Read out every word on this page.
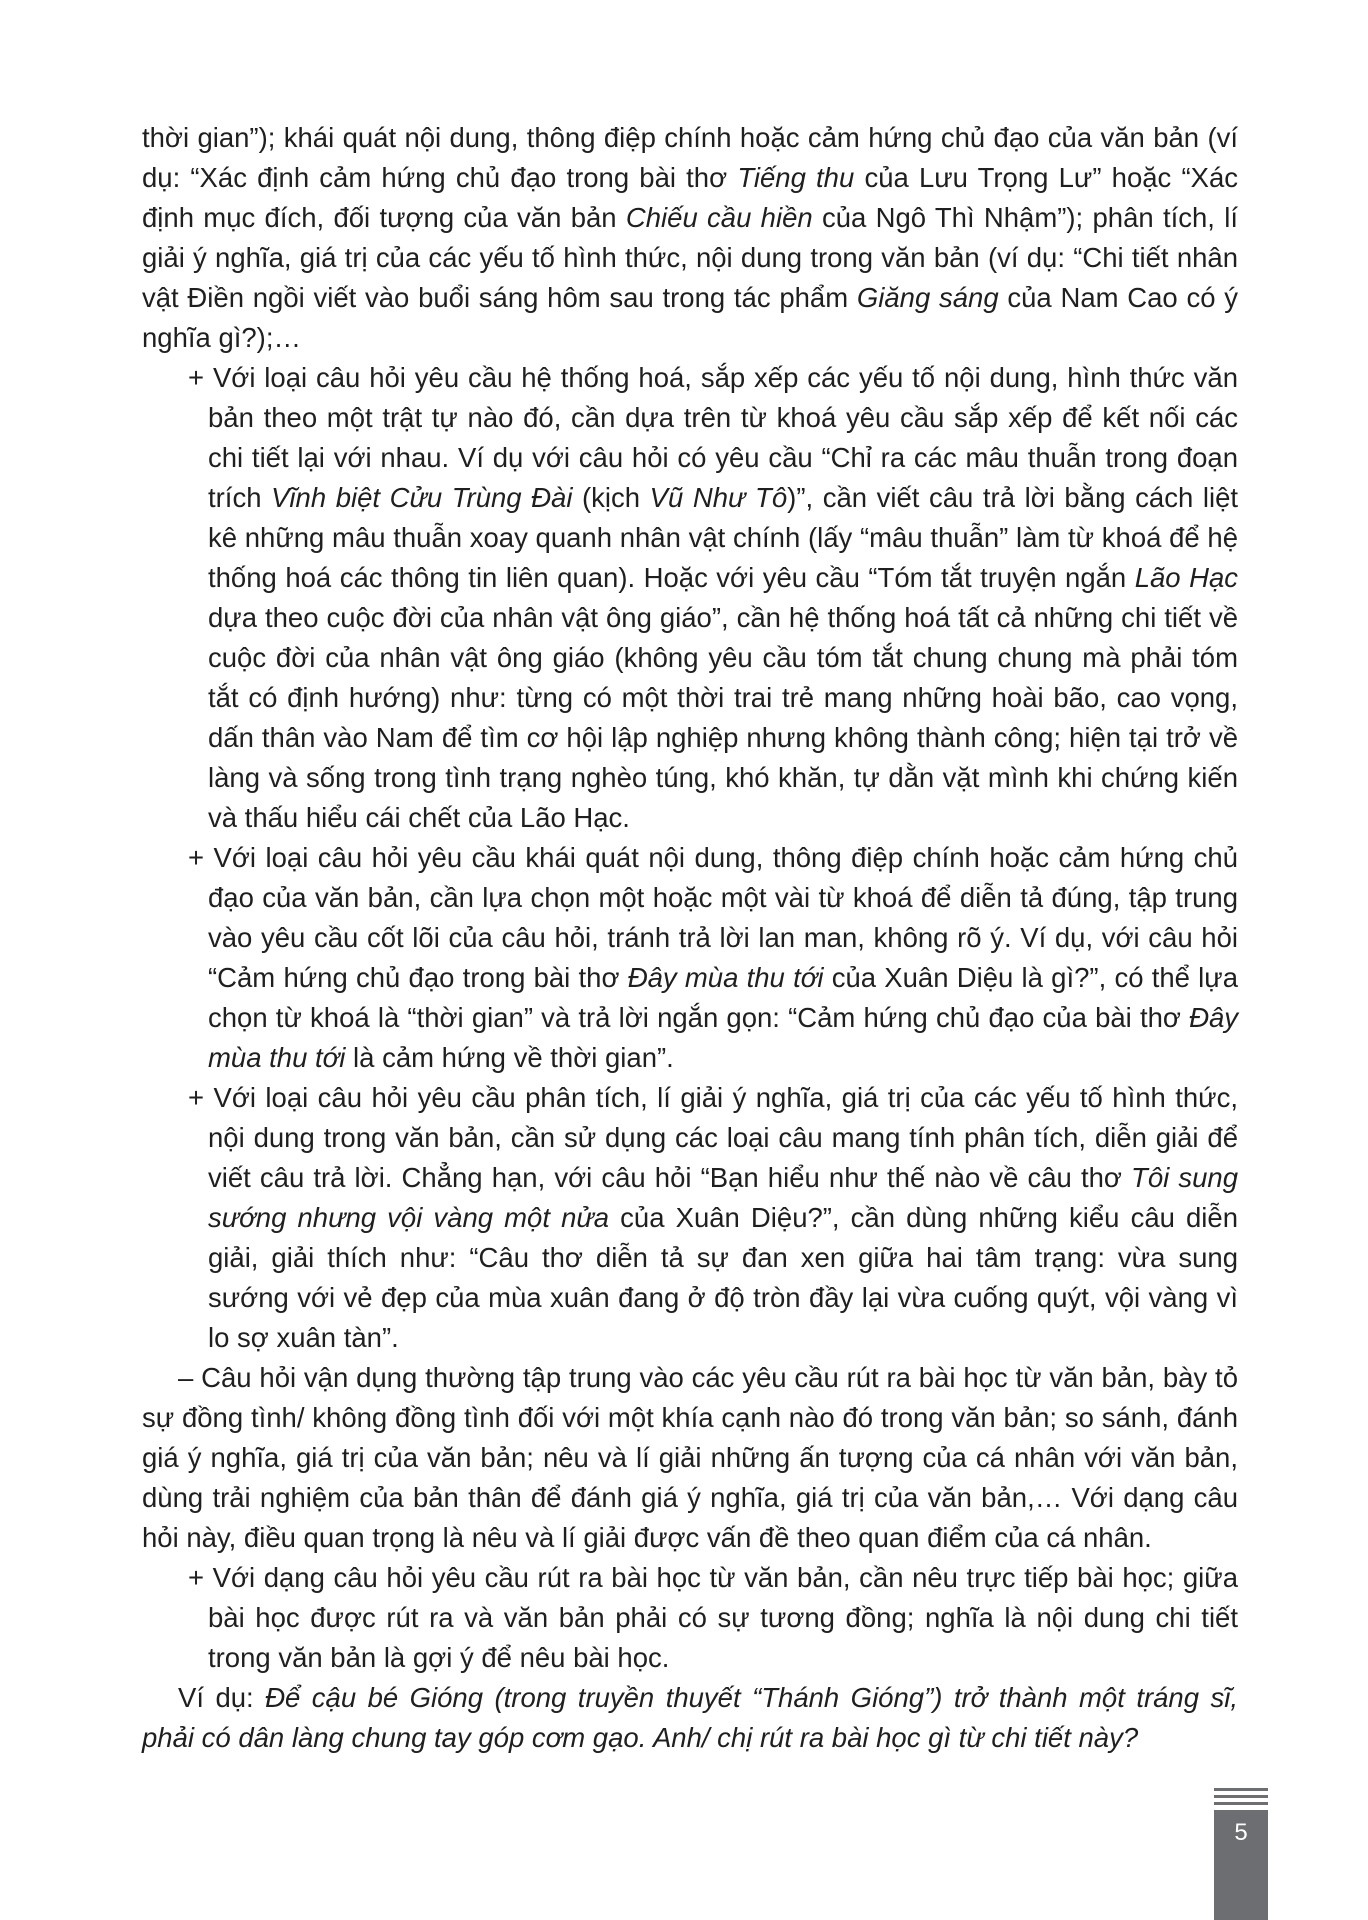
thời gian”); khái quát nội dung, thông điệp chính hoặc cảm hứng chủ đạo của văn bản (ví dụ: “Xác định cảm hứng chủ đạo trong bài thơ Tiếng thu của Lưu Trọng Lư” hoặc “Xác định mục đích, đối tượng của văn bản Chiếu cầu hiền của Ngô Thì Nhậm”); phân tích, lí giải ý nghĩa, giá trị của các yếu tố hình thức, nội dung trong văn bản (ví dụ: “Chi tiết nhân vật Điền ngồi viết vào buổi sáng hôm sau trong tác phẩm Giăng sáng của Nam Cao có ý nghĩa gì?);…

+ Với loại câu hỏi yêu cầu hệ thống hoá, sắp xếp các yếu tố nội dung, hình thức văn bản theo một trật tự nào đó, cần dựa trên từ khoá yêu cầu sắp xếp để kết nối các chi tiết lại với nhau. Ví dụ với câu hỏi có yêu cầu “Chỉ ra các mâu thuẫn trong đoạn trích Vĩnh biệt Cửu Trùng Đài (kịch Vũ Như Tô)”, cần viết câu trả lời bằng cách liệt kê những mâu thuẫn xoay quanh nhân vật chính (lấy “mâu thuẫn” làm từ khoá để hệ thống hoá các thông tin liên quan). Hoặc với yêu cầu “Tóm tắt truyện ngắn Lão Hạc dựa theo cuộc đời của nhân vật ông giáo”, cần hệ thống hoá tất cả những chi tiết về cuộc đời của nhân vật ông giáo (không yêu cầu tóm tắt chung chung mà phải tóm tắt có định hướng) như: từng có một thời trai trẻ mang những hoài bão, cao vọng, dấn thân vào Nam để tìm cơ hội lập nghiệp nhưng không thành công; hiện tại trở về làng và sống trong tình trạng nghèo túng, khó khăn, tự dằn vặt mình khi chứng kiến và thấu hiểu cái chết của Lão Hạc.

+ Với loại câu hỏi yêu cầu khái quát nội dung, thông điệp chính hoặc cảm hứng chủ đạo của văn bản, cần lựa chọn một hoặc một vài từ khoá để diễn tả đúng, tập trung vào yêu cầu cốt lõi của câu hỏi, tránh trả lời lan man, không rõ ý. Ví dụ, với câu hỏi “Cảm hứng chủ đạo trong bài thơ Đây mùa thu tới của Xuân Diệu là gì?”, có thể lựa chọn từ khoá là “thời gian” và trả lời ngắn gọn: “Cảm hứng chủ đạo của bài thơ Đây mùa thu tới là cảm hứng về thời gian”.

+ Với loại câu hỏi yêu cầu phân tích, lí giải ý nghĩa, giá trị của các yếu tố hình thức, nội dung trong văn bản, cần sử dụng các loại câu mang tính phân tích, diễn giải để viết câu trả lời. Chẳng hạn, với câu hỏi “Bạn hiểu như thế nào về câu thơ Tôi sung sướng nhưng vội vàng một nửa của Xuân Diệu?”, cần dùng những kiểu câu diễn giải, giải thích như: “Câu thơ diễn tả sự đan xen giữa hai tâm trạng: vừa sung sướng với vẻ đẹp của mùa xuân đang ở độ tròn đầy lại vừa cuống quýt, vội vàng vì lo sợ xuân tàn”.

– Câu hỏi vận dụng thường tập trung vào các yêu cầu rút ra bài học từ văn bản, bày tỏ sự đồng tình/ không đồng tình đối với một khía cạnh nào đó trong văn bản; so sánh, đánh giá ý nghĩa, giá trị của văn bản; nêu và lí giải những ấn tượng của cá nhân với văn bản, dùng trải nghiệm của bản thân để đánh giá ý nghĩa, giá trị của văn bản,… Với dạng câu hỏi này, điều quan trọng là nêu và lí giải được vấn đề theo quan điểm của cá nhân.

+ Với dạng câu hỏi yêu cầu rút ra bài học từ văn bản, cần nêu trực tiếp bài học; giữa bài học được rút ra và văn bản phải có sự tương đồng; nghĩa là nội dung chi tiết trong văn bản là gợi ý để nêu bài học.

Ví dụ: Để cậu bé Gióng (trong truyền thuyết “Thánh Gióng”) trở thành một tráng sĩ, phải có dân làng chung tay góp cơm gạo. Anh/ chị rút ra bài học gì từ chi tiết này?

5
